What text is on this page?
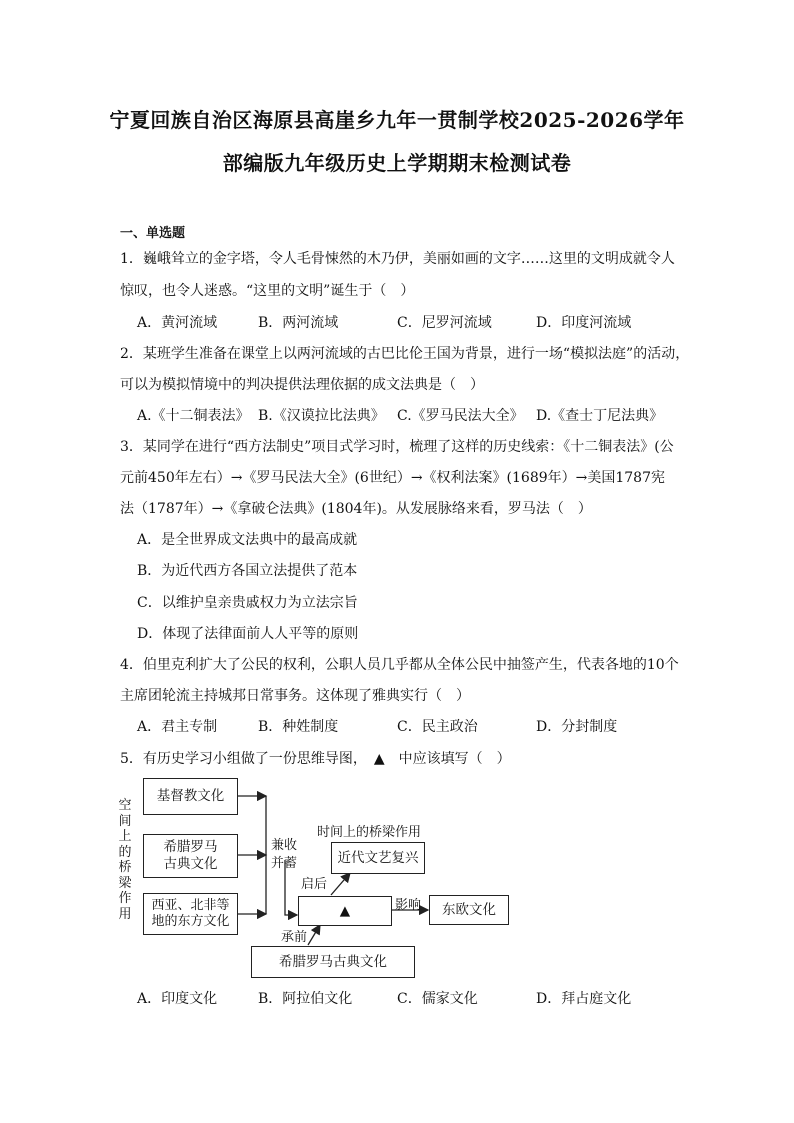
宁夏回族自治区海原县高崖乡九年一贯制学校2025-2026学年
部编版九年级历史上学期期末检测试卷
一、单选题
1．巍峨耸立的金字塔，令人毛骨悚然的木乃伊，美丽如画的文字……这里的文明成就令人
惊叹，也令人迷惑。“这里的文明”诞生于（　）
A．黄河流域	B．两河流域	C．尼罗河流域	D．印度河流域
2．某班学生准备在课堂上以两河流域的古巴比伦王国为背景，进行一场“模拟法庭”的活动，
可以为模拟情境中的判决提供法理依据的成文法典是（　）
A.《十二铜表法》 B.《汉谟拉比法典》 C.《罗马民法大全》 D.《查士丁尼法典》
3．某同学在进行“西方法制史”项目式学习时，梳理了这样的历史线索：《十二铜表法》(公
元前450年左右）→《罗马民法大全》(6世纪）→《权利法案》(1689年）→美国1787宪
法（1787年）→《拿破仑法典》(1804年)。从发展脉络来看，罗马法（　）
A．是全世界成文法典中的最高成就
B．为近代西方各国立法提供了范本
C．以维护皇亲贵戚权力为立法宗旨
D．体现了法律面前人人平等的原则
4．伯里克利扩大了公民的权利，公职人员几乎都从全体公民中抽签产生，代表各地的10个
主席团轮流主持城邦日常事务。这体现了雅典实行（　）
A．君主专制	B．种姓制度	C．民主政治	D．分封制度
5．有历史学习小组做了一份思维导图，　▲　中应该填写（　）
空间上的桥梁作用
基督教文化
希腊罗马
古典文化
西亚、北非等
地的东方文化
兼收
并蓄
时间上的桥梁作用
近代文艺复兴
启后
▲	影响 东欧文化
承前
希腊罗马古典文化
A．印度文化	B．阿拉伯文化	C．儒家文化	D．拜占庭文化
